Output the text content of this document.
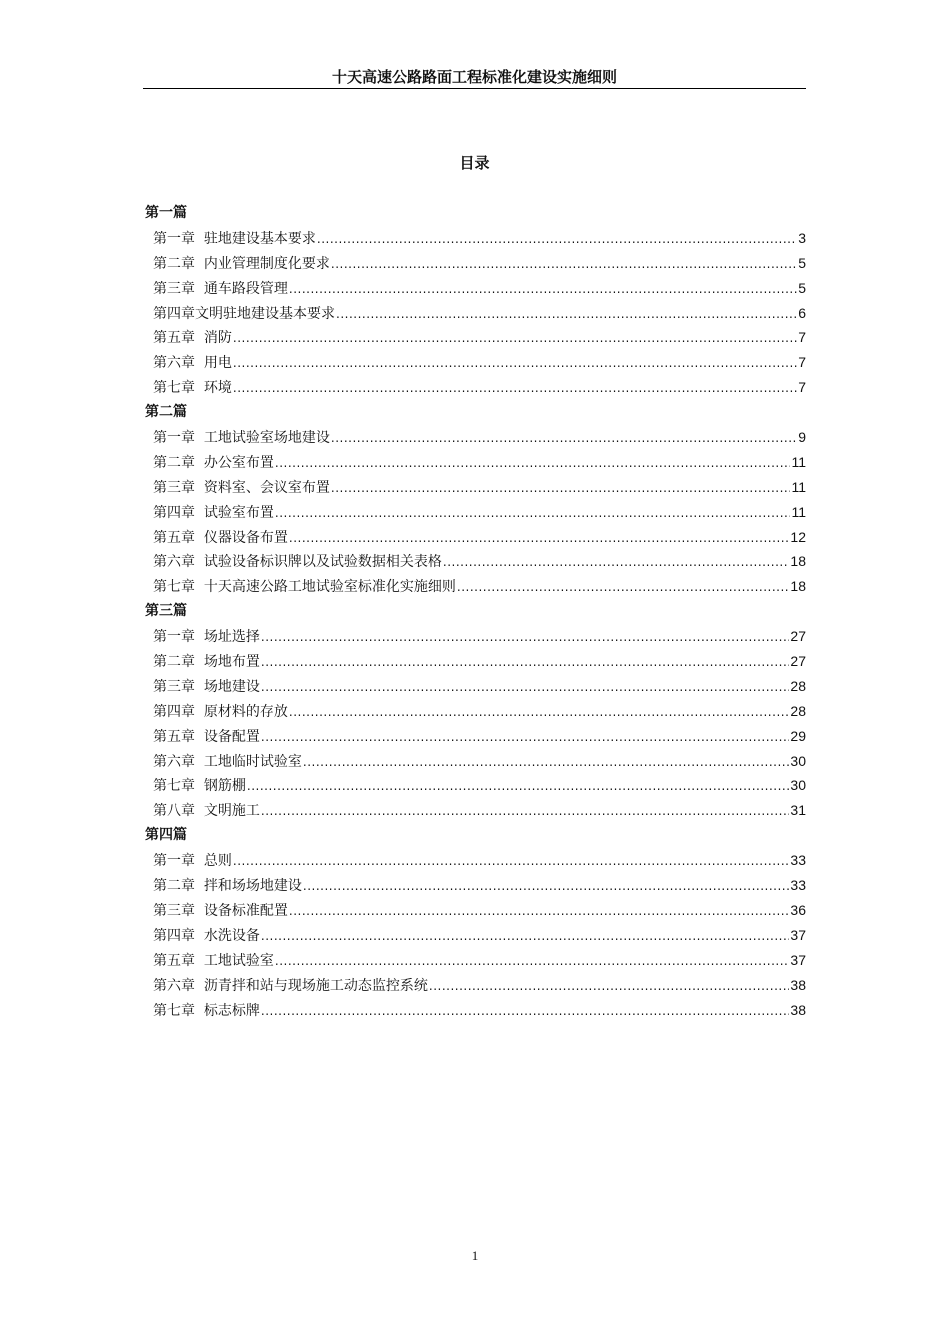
十天高速公路路面工程标准化建设实施细则
目录
第一篇
第一章  驻地建设基本要求 .....	3
第二章  内业管理制度化要求 .....	5
第三章  通车路段管理 .....	5
第四章文明驻地建设基本要求 .....	6
第五章  消防 .....	7
第六章  用电 .....	7
第七章  环境 .....	7
第二篇
第一章  工地试验室场地建设 .....	9
第二章  办公室布置 .....	11
第三章  资料室、会议室布置 .....	11
第四章  试验室布置 .....	11
第五章  仪器设备布置 .....	12
第六章  试验设备标识牌以及试验数据相关表格 .....	18
第七章  十天高速公路工地试验室标准化实施细则 .....	18
第三篇
第一章  场址选择 .....	27
第二章  场地布置 .....	27
第三章  场地建设 .....	28
第四章  原材料的存放 .....	28
第五章  设备配置 .....	29
第六章  工地临时试验室 .....	30
第七章  钢筋棚 .....	30
第八章  文明施工 .....	31
第四篇
第一章  总则 .....	33
第二章  拌和场场地建设 .....	33
第三章  设备标准配置 .....	36
第四章  水洗设备 .....	37
第五章  工地试验室 .....	37
第六章  沥青拌和站与现场施工动态监控系统 .....	38
第七章  标志标牌 .....	38
1
